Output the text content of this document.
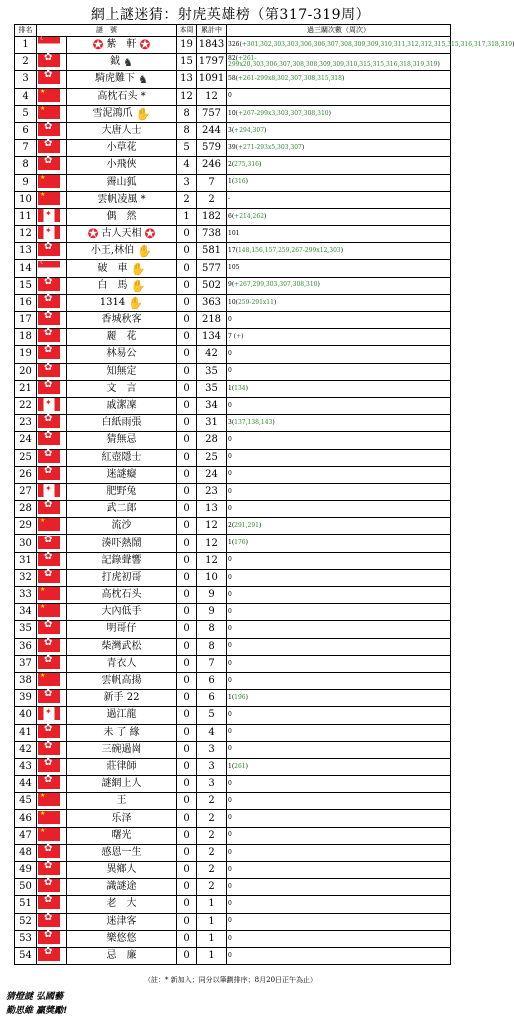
網上謎迷猜：射虎英雄榜（第317-319周）
排名	謎　號		本周	累計中	過三關次數（周次）
1	☾	✪ 紫　軒 ✪	19	1843	326(+301,302,303,303,306,306,307,308,309,309,310,311,312,312,315,315,316,317,318,319
2	✿	鉞 ♞	15	1797	82(+261-299x20,303,306,307,308,308,309,309,310,315,315,316,318,319,319)
3	✿	騎虎難下 ♞	13	1091	58(+261-299x8,302,307,308,315,318)
4	★	高枕石头 *	12	12	0
5	★	雪泥鴻爪 ✋	8	757	10(+267-299x3,303,307,308,310)
6	✿	大唐人士	8	244	3(+294,307)
7	✿	小草花	5	579	39(+271-293x5,303,307)
8	✿	小飛俠	4	246	2(275,316)
9	★	霽山狐	3	7	1(316)
10	★	雲帆凌風 *	2	2	-
11	✦	偶　然	1	182	6(+214,262)
12	✦	✪ 古人天相 ✪	0	738	101
13	✿	小王,林伯 ✋	0	581	17(148,156,157,259,267-299x12,303)
14	☾	破　車 ✋	0	577	105
15	✿	白　馬 ✋	0	502	9(+267,299,303,307,308,310)
16	✿	1314 ✋	0	363	10(259-291x11)
17	✿	香城秋客	0	218	0
18	✿	麗　花	0	134	7 (+)
19	✿	林易公	0	42	0
20	✿	知無定	0	35	0
21	✿	文　言	0	35	1(134)
22	✦	戚潔凜	0	34	0
23	✿	白紙雨張	0	31	3(137,138,143)
24	✿	猜無忌	0	28	0
25	✿	紅壺隱士	0	25	0
26	✿	迷謎癡	0	24	0
27	✦	肥野兔	0	23	0
28	✿	武二郎	0	13	0
29	★	流沙	0	12	2(291,291)
30	✿	湊吓熱鬧	0	12	1(176)
31	✿	記錄聲響	0	12	0
32	✿	打虎初哥	0	10	0
33	★	高枕石头	0	9	0
34	★	大內低手	0	9	0
35	✿	明哥仔	0	8	0
36	✿	柴灣武松	0	8	0
37	✿	青衣人	0	7	0
38	★	雲帆高揚	0	6	0
39	✿	新手 22	0	6	1(196)
40	✦	過江龍	0	5	0
41	✿	未 了 緣	0	4	0
42	✿	三碗過崗	0	3	0
43	✿	莊律師	0	3	1(261)
44	✿	謎網上人	0	3	0
45	★	王	0	2	0
46	★	乐泽	0	2	0
47	★	曙光	0	2	0
48	✿	感恩一生	0	2	0
49	✿	異鄉人	0	2	0
50	✿	識謎途	0	2	0
51	✿	老　大	0	1	0
52	✿	迷津客	0	1	0
53	✿	樂悠悠	0	1	0
54	✿	忌　廉	0	1	0
（註：* 新加入；同分以筆劃排序；8月20日正午為止）
猜燈謎 弘國藝
勤思維 贏獎勵!
